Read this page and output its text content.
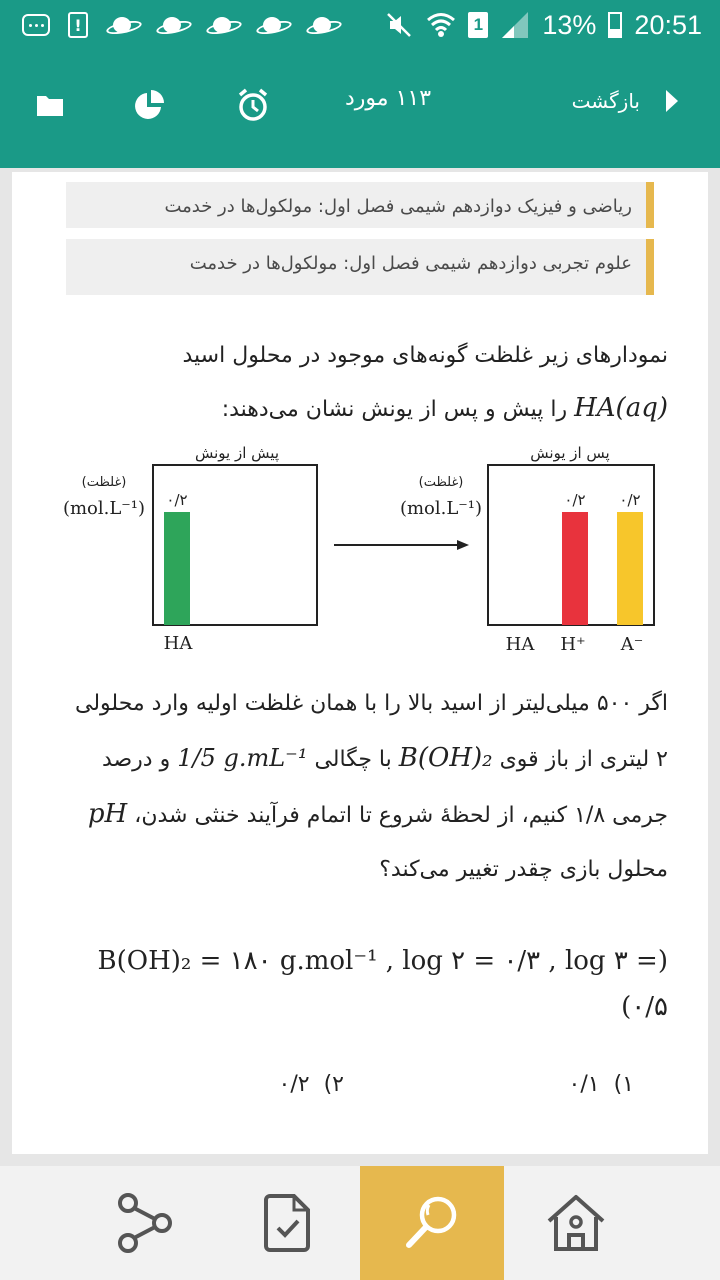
!	1 13% 20:51
بازگشت
۱۱۳ مورد
ریاضی و فیزیک دوازدهم شیمی فصل اول: مولکول‌ها در خدمت
علوم تجربی دوازدهم شیمی فصل اول: مولکول‌ها در خدمت
نمودارهای زیر غلظت گونه‌های موجود در محلول اسید
HA(aq) را پیش و پس از یونش نشان می‌دهند:
پیش از یونش	پس از یونش
(غلظت)
(mol.L⁻¹)
(غلظت)
(mol.L⁻¹)
۰/۲
HA
۰/۲ ۰/۲
HA H⁺ A⁻
اگر ۵۰۰ میلی‌لیتر از اسید بالا را با همان غلظت اولیه وارد محلولی ۲ لیتری از باز قوی B(OH)₂ با چگالی 1/5 g.mL⁻¹ و درصد جرمی ۱/۸ کنیم، از لحظهٔ شروع تا اتمام فرآیند خنثی شدن، pH محلول بازی چقدر تغییر می‌کند؟
(B(OH)₂ = ۱۸۰ g.mol⁻¹ , log ۲ = ۰/۳ , log ۳ = ۰/۵)
۱)  ۰/۱
۲)  ۰/۲
